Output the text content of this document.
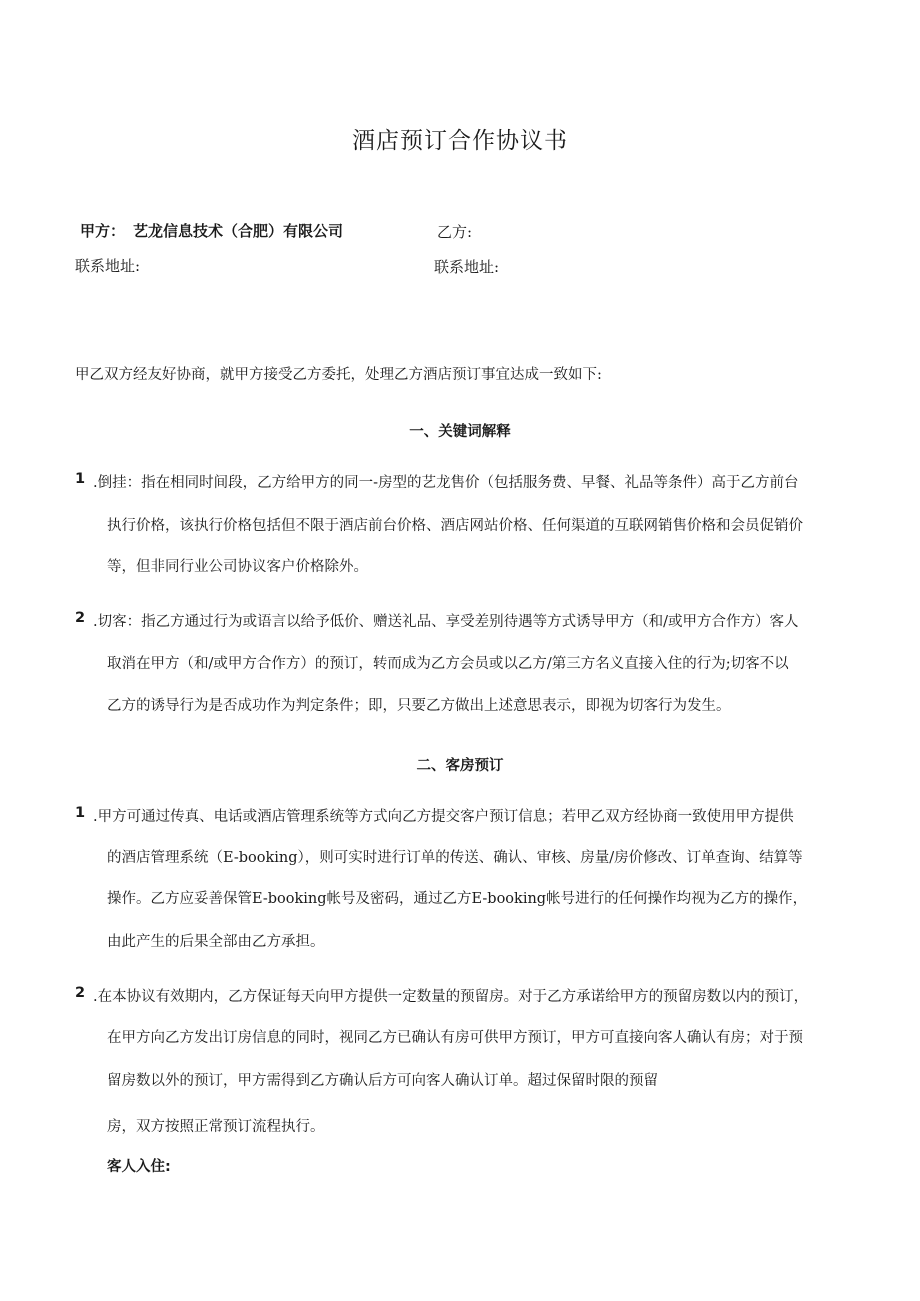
酒店预订合作协议书
甲方： 艺龙信息技术（合肥）有限公司	乙方:
联系地址:	联系地址:
甲乙双方经友好协商，就甲方接受乙方委托，处理乙方酒店预订事宜达成一致如下:
一、关键词解释
1 .倒挂：指在相同时间段，乙方给甲方的同一-房型的艺龙售价（包括服务费、早餐、礼品等条件）高于乙方前台
执行价格，该执行价格包括但不限于酒店前台价格、酒店网站价格、任何渠道的互联网销售价格和会员促销价
等，但非同行业公司协议客户价格除外。
2 .切客：指乙方通过行为或语言以给予低价、赠送礼品、享受差别待遇等方式诱导甲方（和/或甲方合作方）客人
取消在甲方（和/或甲方合作方）的预订，转而成为乙方会员或以乙方/第三方名义直接入住的行为;切客不以
乙方的诱导行为是否成功作为判定条件；即，只要乙方做出上述意思表示，即视为切客行为发生。
二、客房预订
1 .甲方可通过传真、电话或酒店管理系统等方式向乙方提交客户预订信息；若甲乙双方经协商一致使用甲方提供
的酒店管理系统（E-booking），则可实时进行订单的传送、确认、审核、房量/房价修改、订单查询、结算等
操作。乙方应妥善保管E-booking帐号及密码，通过乙方E-booking帐号进行的任何操作均视为乙方的操作，
由此产生的后果全部由乙方承担。
2 .在本协议有效期内，乙方保证每天向甲方提供一定数量的预留房。对于乙方承诺给甲方的预留房数以内的预订，
在甲方向乙方发出订房信息的同时，视同乙方已确认有房可供甲方预订，甲方可直接向客人确认有房；对于预
留房数以外的预订，甲方需得到乙方确认后方可向客人确认订单。超过保留时限的预留
房，双方按照正常预订流程执行。
客人入住:
